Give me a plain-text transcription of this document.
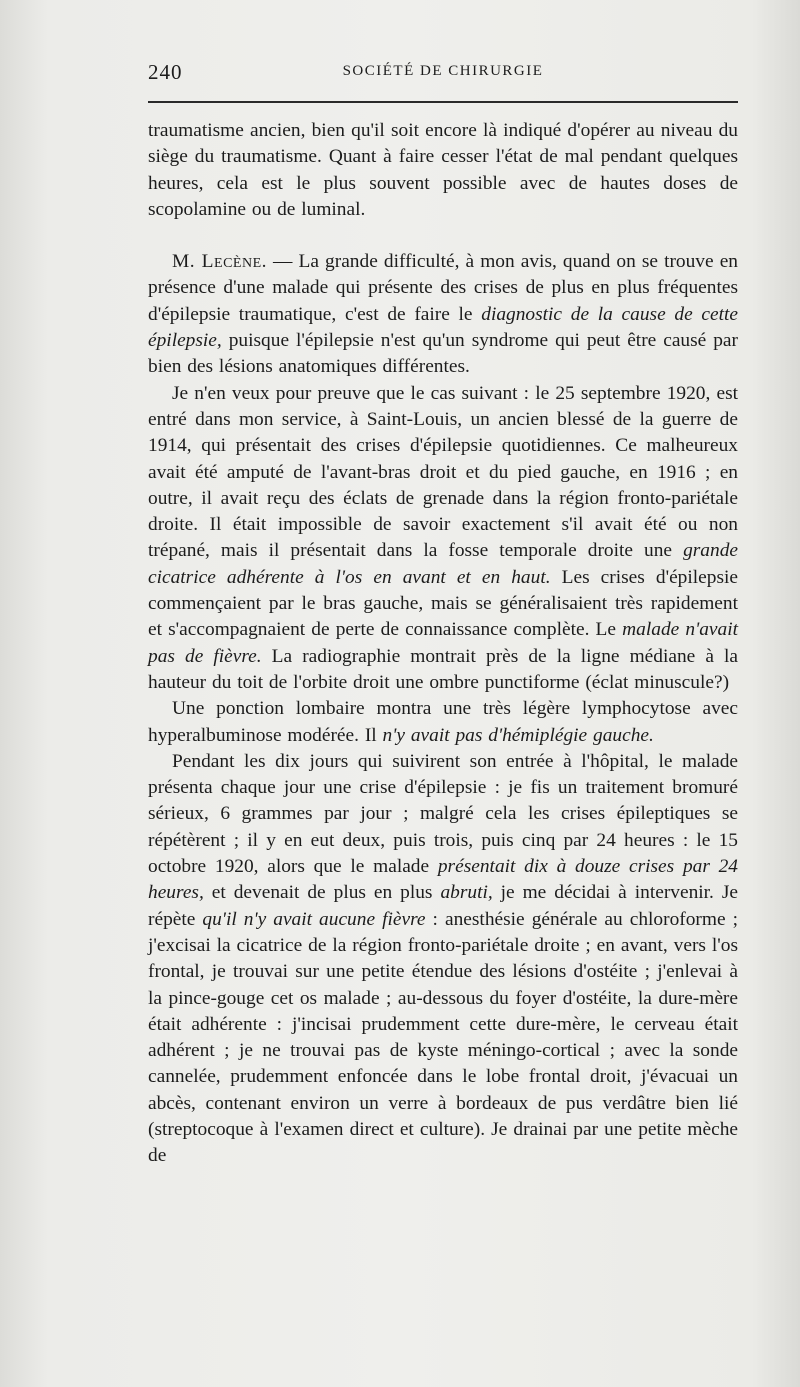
240	SOCIÉTÉ DE CHIRURGIE

traumatisme ancien, bien qu'il soit encore là indiqué d'opérer au niveau du siège du traumatisme. Quant à faire cesser l'état de mal pendant quelques heures, cela est le plus souvent possible avec de hautes doses de scopolamine ou de luminal.

M. Lecène. — La grande difficulté, à mon avis, quand on se trouve en présence d'une malade qui présente des crises de plus en plus fréquentes d'épilepsie traumatique, c'est de faire le diagnostic de la cause de cette épilepsie, puisque l'épilepsie n'est qu'un syndrome qui peut être causé par bien des lésions anatomiques différentes.

Je n'en veux pour preuve que le cas suivant : le 25 septembre 1920, est entré dans mon service, à Saint-Louis, un ancien blessé de la guerre de 1914, qui présentait des crises d'épilepsie quotidiennes. Ce malheureux avait été amputé de l'avant-bras droit et du pied gauche, en 1916 ; en outre, il avait reçu des éclats de grenade dans la région fronto-pariétale droite. Il était impossible de savoir exactement s'il avait été ou non trépané, mais il présentait dans la fosse temporale droite une grande cicatrice adhérente à l'os en avant et en haut. Les crises d'épilepsie commençaient par le bras gauche, mais se généralisaient très rapidement et s'accompagnaient de perte de connaissance complète. Le malade n'avait pas de fièvre. La radiographie montrait près de la ligne médiane à la hauteur du toit de l'orbite droit une ombre punctiforme (éclat minuscule?)

Une ponction lombaire montra une très légère lymphocytose avec hyperalbuminose modérée. Il n'y avait pas d'hémiplégie gauche.

Pendant les dix jours qui suivirent son entrée à l'hôpital, le malade présenta chaque jour une crise d'épilepsie : je fis un traitement bromuré sérieux, 6 grammes par jour ; malgré cela les crises épileptiques se répétèrent ; il y en eut deux, puis trois, puis cinq par 24 heures : le 15 octobre 1920, alors que le malade présentait dix à douze crises par 24 heures, et devenait de plus en plus abruti, je me décidai à intervenir. Je répète qu'il n'y avait aucune fièvre : anesthésie générale au chloroforme ; j'excisai la cicatrice de la région fronto-pariétale droite ; en avant, vers l'os frontal, je trouvai sur une petite étendue des lésions d'ostéite ; j'enlevai à la pince-gouge cet os malade ; au-dessous du foyer d'ostéite, la dure-mère était adhérente : j'incisai prudemment cette dure-mère, le cerveau était adhérent ; je ne trouvai pas de kyste méningo-cortical ; avec la sonde cannelée, prudemment enfoncée dans le lobe frontal droit, j'évacuai un abcès, contenant environ un verre à bordeaux de pus verdâtre bien lié (streptocoque à l'examen direct et culture). Je drainai par une petite mèche de
